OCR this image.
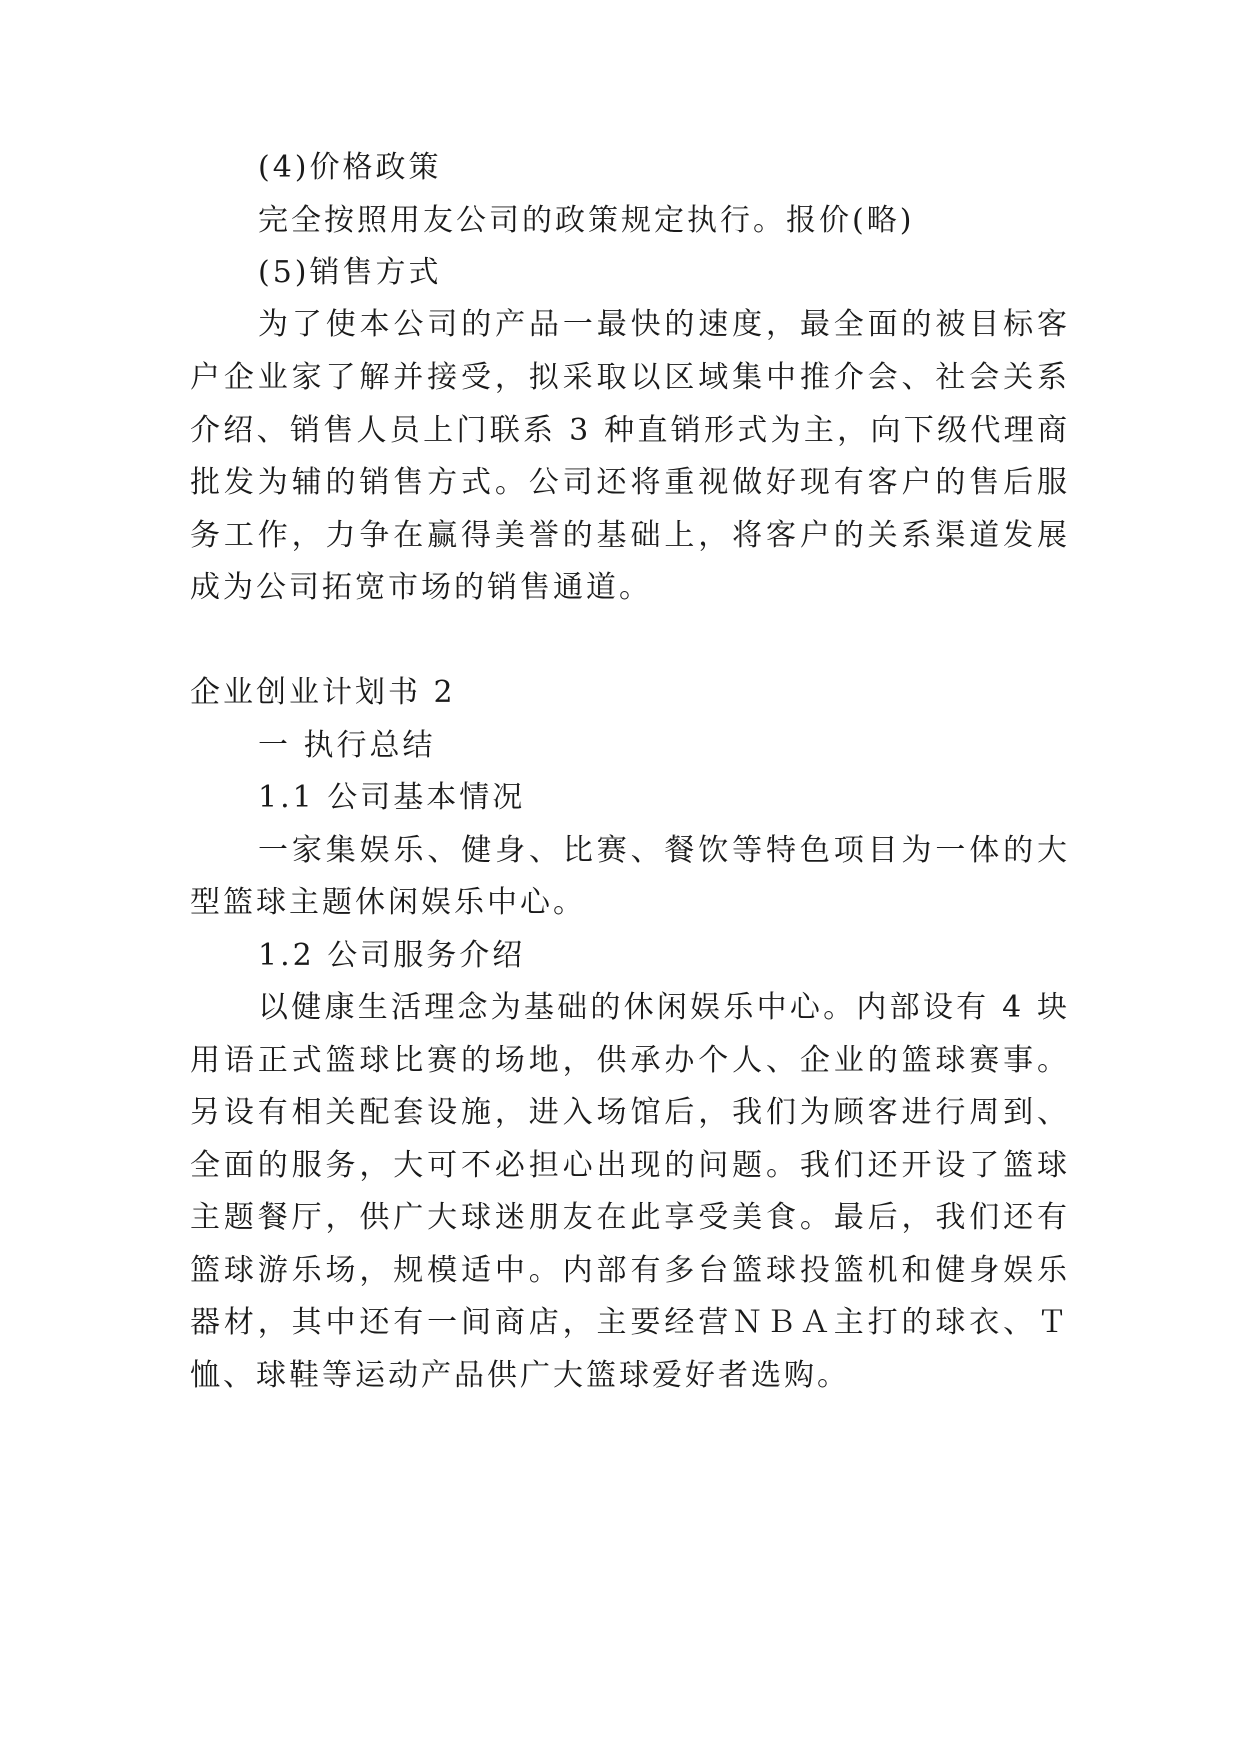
(4)价格政策

完全按照用友公司的政策规定执行。报价(略)

(5)销售方式

为了使本公司的产品一最快的速度，最全面的被目标客

户企业家了解并接受，拟采取以区域集中推介会、社会关系

介绍、销售人员上门联系 3 种直销形式为主，向下级代理商

批发为辅的销售方式。公司还将重视做好现有客户的售后服

务工作，力争在赢得美誉的基础上，将客户的关系渠道发展

成为公司拓宽市场的销售通道。

企业创业计划书 2

一 执行总结

1.1 公司基本情况

一家集娱乐、健身、比赛、餐饮等特色项目为一体的大

型篮球主题休闲娱乐中心。

1.2 公司服务介绍

以健康生活理念为基础的休闲娱乐中心。内部设有 4 块

用语正式篮球比赛的场地，供承办个人、企业的篮球赛事。

另设有相关配套设施，进入场馆后，我们为顾客进行周到、

全面的服务，大可不必担心出现的问题。我们还开设了篮球

主题餐厅，供广大球迷朋友在此享受美食。最后，我们还有

篮球游乐场，规模适中。内部有多台篮球投篮机和健身娱乐

器材，其中还有一间商店，主要经营ＮＢＡ主打的球衣、Ｔ

恤、球鞋等运动产品供广大篮球爱好者选购。
